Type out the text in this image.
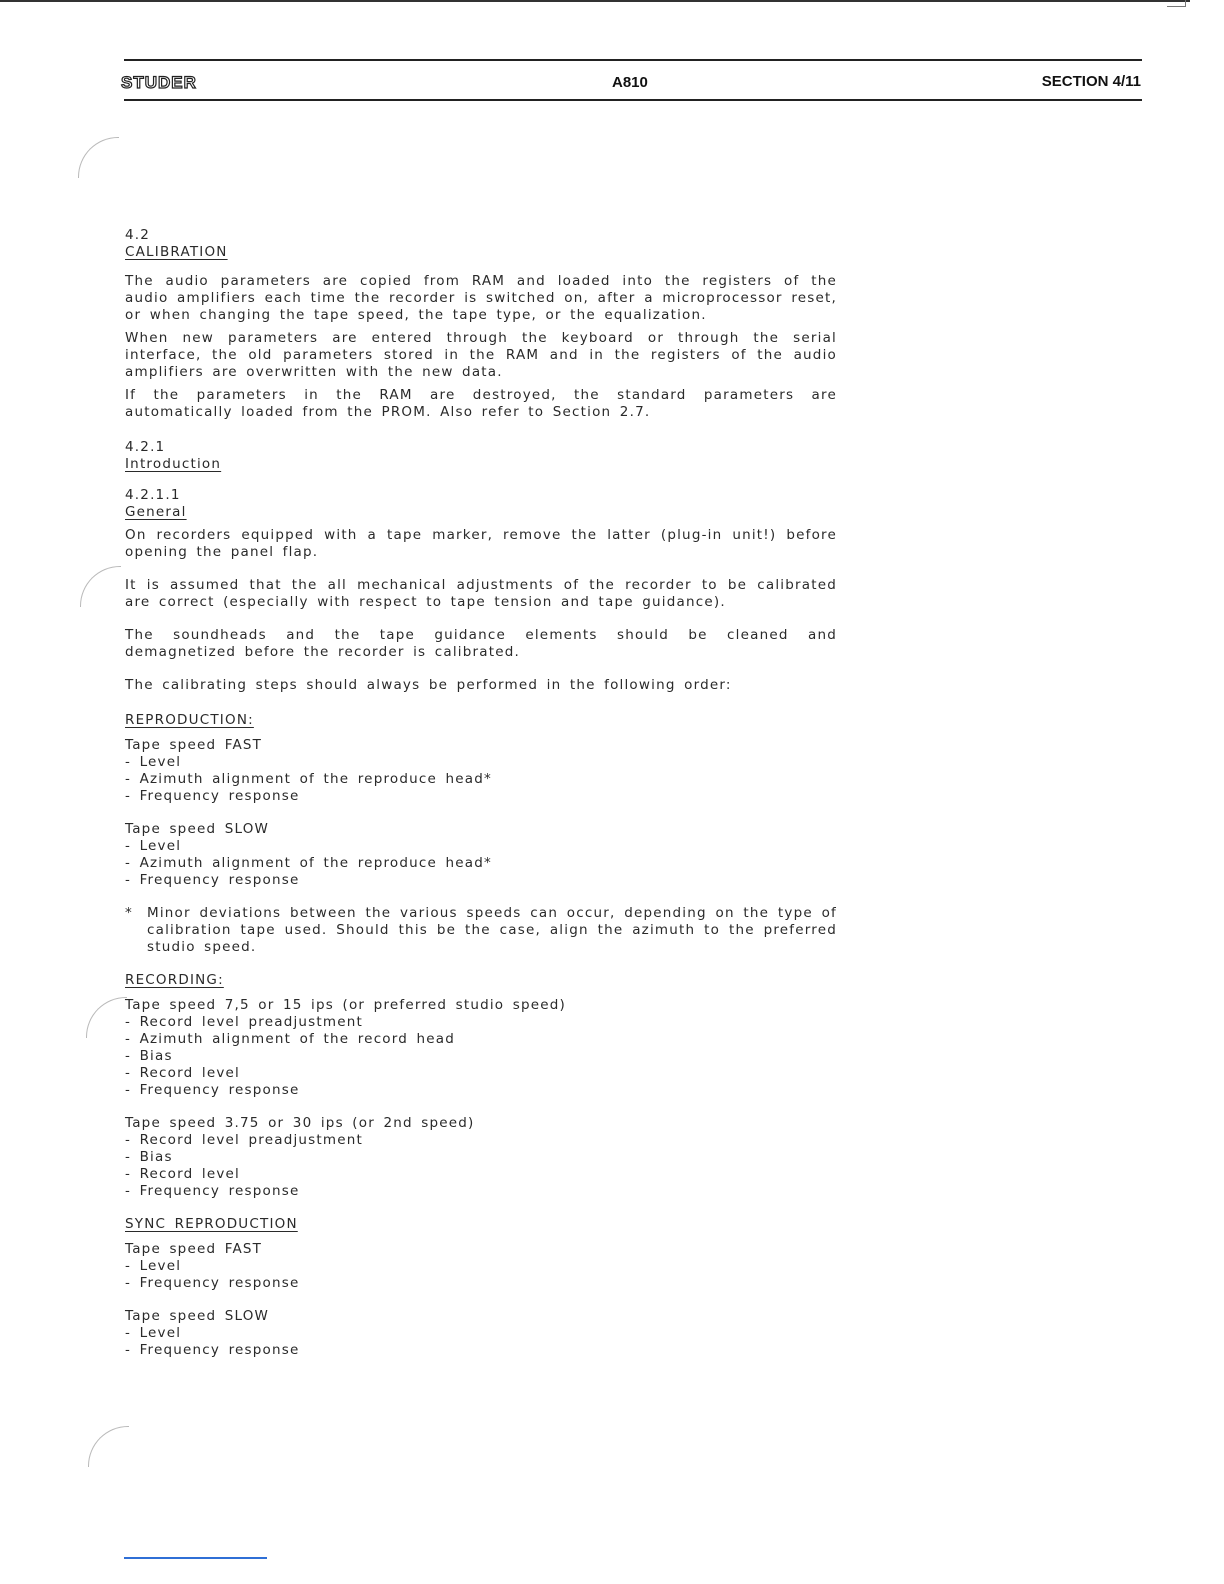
STUDER	A810	SECTION 4/11
4.2
CALIBRATION

The audio parameters are copied from RAM and loaded into the registers of the audio amplifiers each time the recorder is switched on, after a microprocessor reset, or when changing the tape speed, the tape type, or the equalization.

When new parameters are entered through the keyboard or through the serial interface, the old parameters stored in the RAM and in the registers of the audio amplifiers are overwritten with the new data.

If the parameters in the RAM are destroyed, the standard parameters are automatically loaded from the PROM. Also refer to Section 2.7.

4.2.1
Introduction
4.2.1.1
General

On recorders equipped with a tape marker, remove the latter (plug-in unit!) before opening the panel flap.

It is assumed that the all mechanical adjustments of the recorder to be calibrated are correct (especially with respect to tape tension and tape guidance).

The soundheads and the tape guidance elements should be cleaned and demagnetized before the recorder is calibrated.

The calibrating steps should always be performed in the following order:

REPRODUCTION:
Tape speed FAST
- Level
- Azimuth alignment of the reproduce head*
- Frequency response
Tape speed SLOW
- Level
- Azimuth alignment of the reproduce head*
- Frequency response
*	Minor deviations between the various speeds can occur, depending on the type of calibration tape used. Should this be the case, align the azimuth to the preferred studio speed.

RECORDING:
Tape speed 7,5 or 15 ips (or preferred studio speed)
- Record level preadjustment
- Azimuth alignment of the record head
- Bias
- Record level
- Frequency response
Tape speed 3.75 or 30 ips (or 2nd speed)
- Record level preadjustment
- Bias
- Record level
- Frequency response
SYNC REPRODUCTION
Tape speed FAST
- Level
- Frequency response
Tape speed SLOW
- Level
- Frequency response
